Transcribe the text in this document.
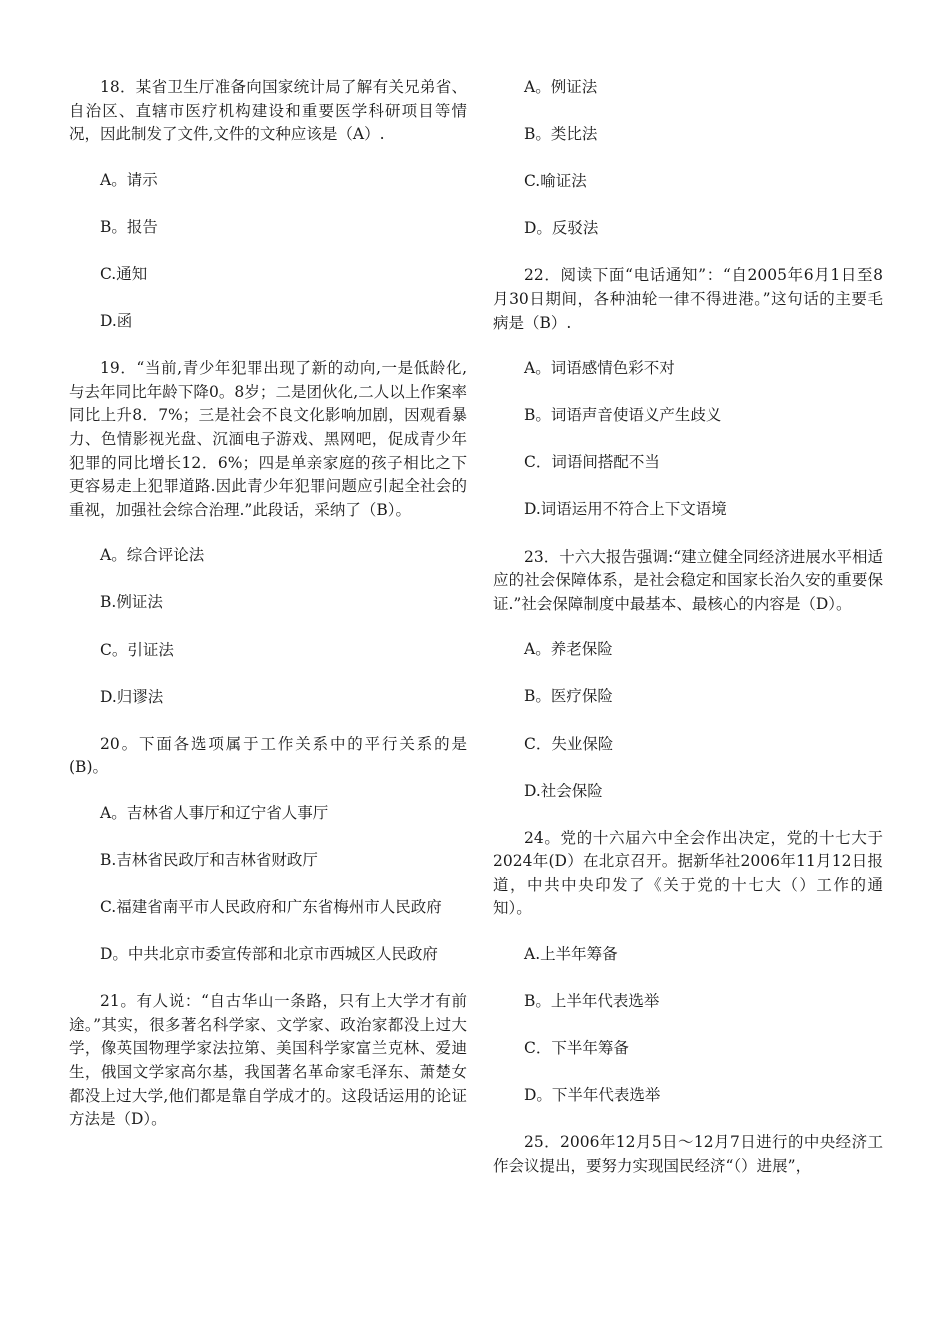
18．某省卫生厅准备向国家统计局了解有关兄弟省、自治区、直辖市医疗机构建设和重要医学科研项目等情况，因此制发了文件,文件的文种应该是（A）.

A。请示

B。报告

C.通知

D.函

19．“当前,青少年犯罪出现了新的动向,一是低龄化,与去年同比年龄下降0。8岁；二是团伙化,二人以上作案率同比上升8．7%；三是社会不良文化影响加剧，因观看暴力、色情影视光盘、沉湎电子游戏、黑网吧，促成青少年犯罪的同比增长12．6%；四是单亲家庭的孩子相比之下更容易走上犯罪道路.因此青少年犯罪问题应引起全社会的重视，加强社会综合治理.”此段话，采纳了（B）。

A。综合评论法

B.例证法

C。引证法

D.归谬法

20。下面各选项属于工作关系中的平行关系的是(B)。

A。吉林省人事厅和辽宁省人事厅

B.吉林省民政厅和吉林省财政厅

C.福建省南平市人民政府和广东省梅州市人民政府

D。中共北京市委宣传部和北京市西城区人民政府

21。有人说：“自古华山一条路，只有上大学才有前途。”其实，很多著名科学家、文学家、政治家都没上过大学，像英国物理学家法拉第、美国科学家富兰克林、爱迪生，俄国文学家高尔基，我国著名革命家毛泽东、萧楚女都没上过大学,他们都是靠自学成才的。这段话运用的论证方法是（D）。

A。例证法

B。类比法

C.喻证法

D。反驳法

22．阅读下面“电话通知”：“自2005年6月1日至8月30日期间，各种油轮一律不得进港。”这句话的主要毛病是（B）.

A。词语感情色彩不对

B。词语声音使语义产生歧义

C．词语间搭配不当

D.词语运用不符合上下文语境

23．十六大报告强调:“建立健全同经济进展水平相适应的社会保障体系，是社会稳定和国家长治久安的重要保证.”社会保障制度中最基本、最核心的内容是（D）。

A。养老保险

B。医疗保险

C．失业保险

D.社会保险

24。党的十六届六中全会作出决定，党的十七大于2024年(D）在北京召开。据新华社2006年11月12日报道，中共中央印发了《关于党的十七大（）工作的通知）。

A.上半年筹备

B。上半年代表选举

C．下半年筹备

D。下半年代表选举

25．2006年12月5日～12月7日进行的中央经济工作会议提出，要努力实现国民经济“（）进展”，
